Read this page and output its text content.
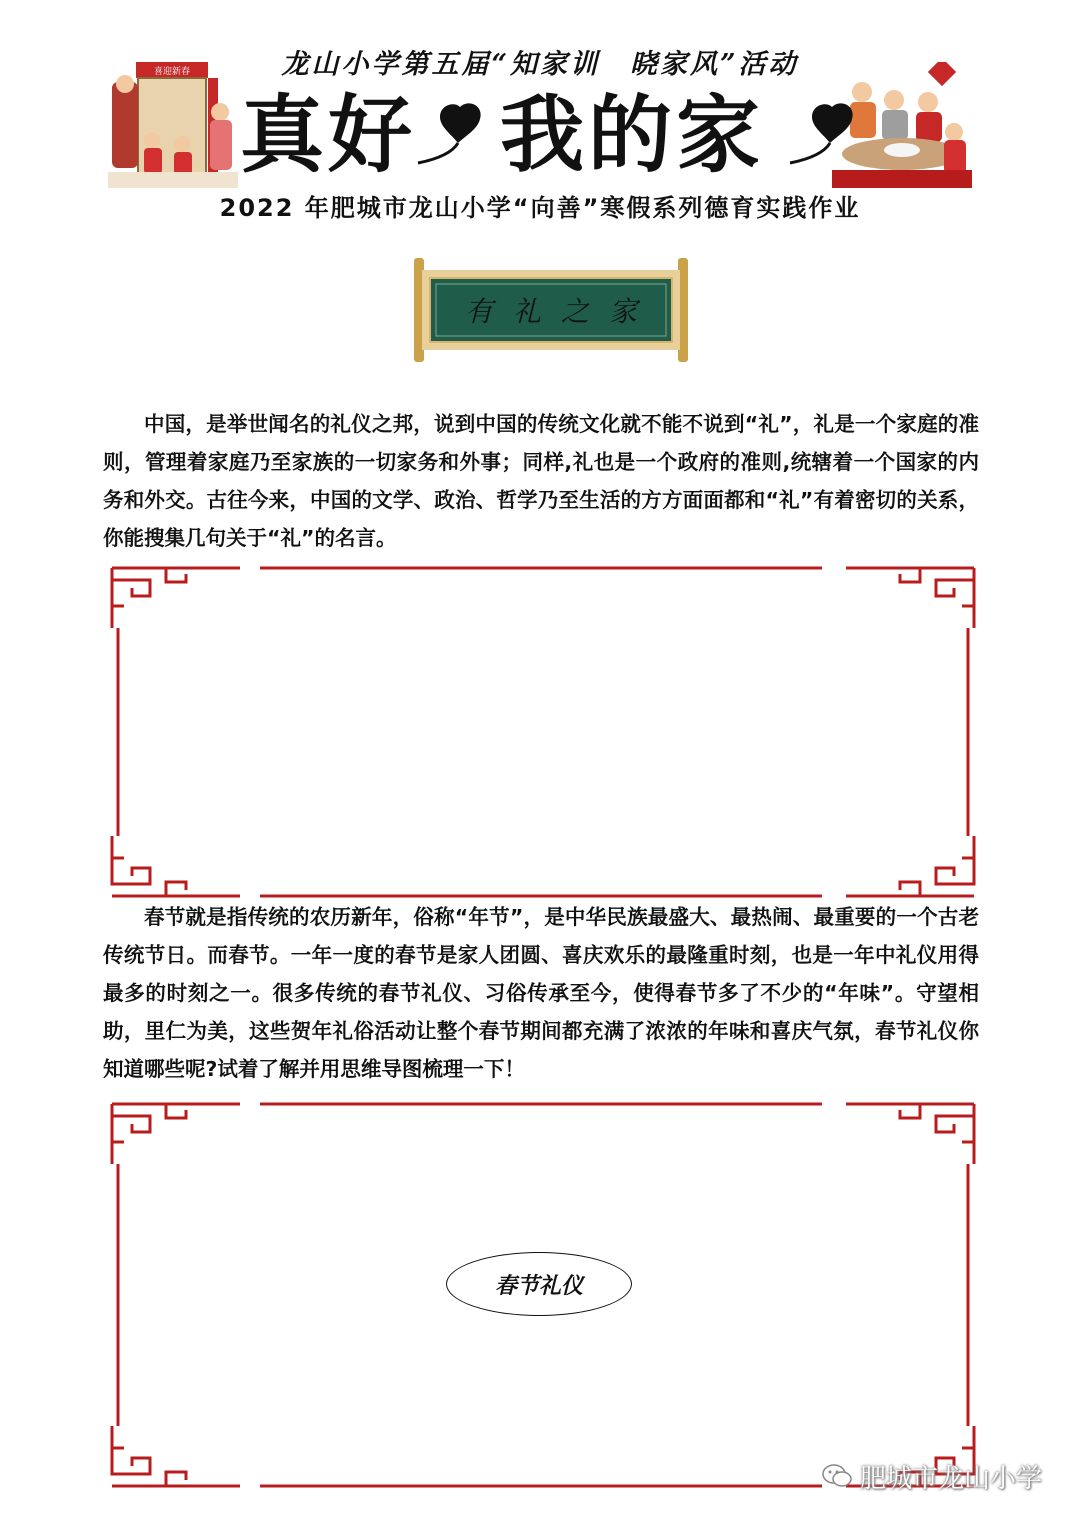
龙山小学第五届“知家训　晓家风”活动
喜迎新春
真好 我的家
2022 年肥城市龙山小学“向善”寒假系列德育实践作业
有 礼 之 家
中国，是举世闻名的礼仪之邦，说到中国的传统文化就不能不说到“礼”，礼是一个家庭的准则，管理着家庭乃至家族的一切家务和外事；同样,礼也是一个政府的准则,统辖着一个国家的内务和外交。古往今来，中国的文学、政治、哲学乃至生活的方方面面都和“礼”有着密切的关系，你能搜集几句关于“礼”的名言。
春节就是指传统的农历新年，俗称“年节”，是中华民族最盛大、最热闹、最重要的一个古老传统节日。而春节。一年一度的春节是家人团圆、喜庆欢乐的最隆重时刻，也是一年中礼仪用得最多的时刻之一。很多传统的春节礼仪、习俗传承至今，使得春节多了不少的“年味”。守望相助，里仁为美，这些贺年礼俗活动让整个春节期间都充满了浓浓的年味和喜庆气氛，春节礼仪你知道哪些呢?试着了解并用思维导图梳理一下！
春节礼仪
肥城市龙山小学
